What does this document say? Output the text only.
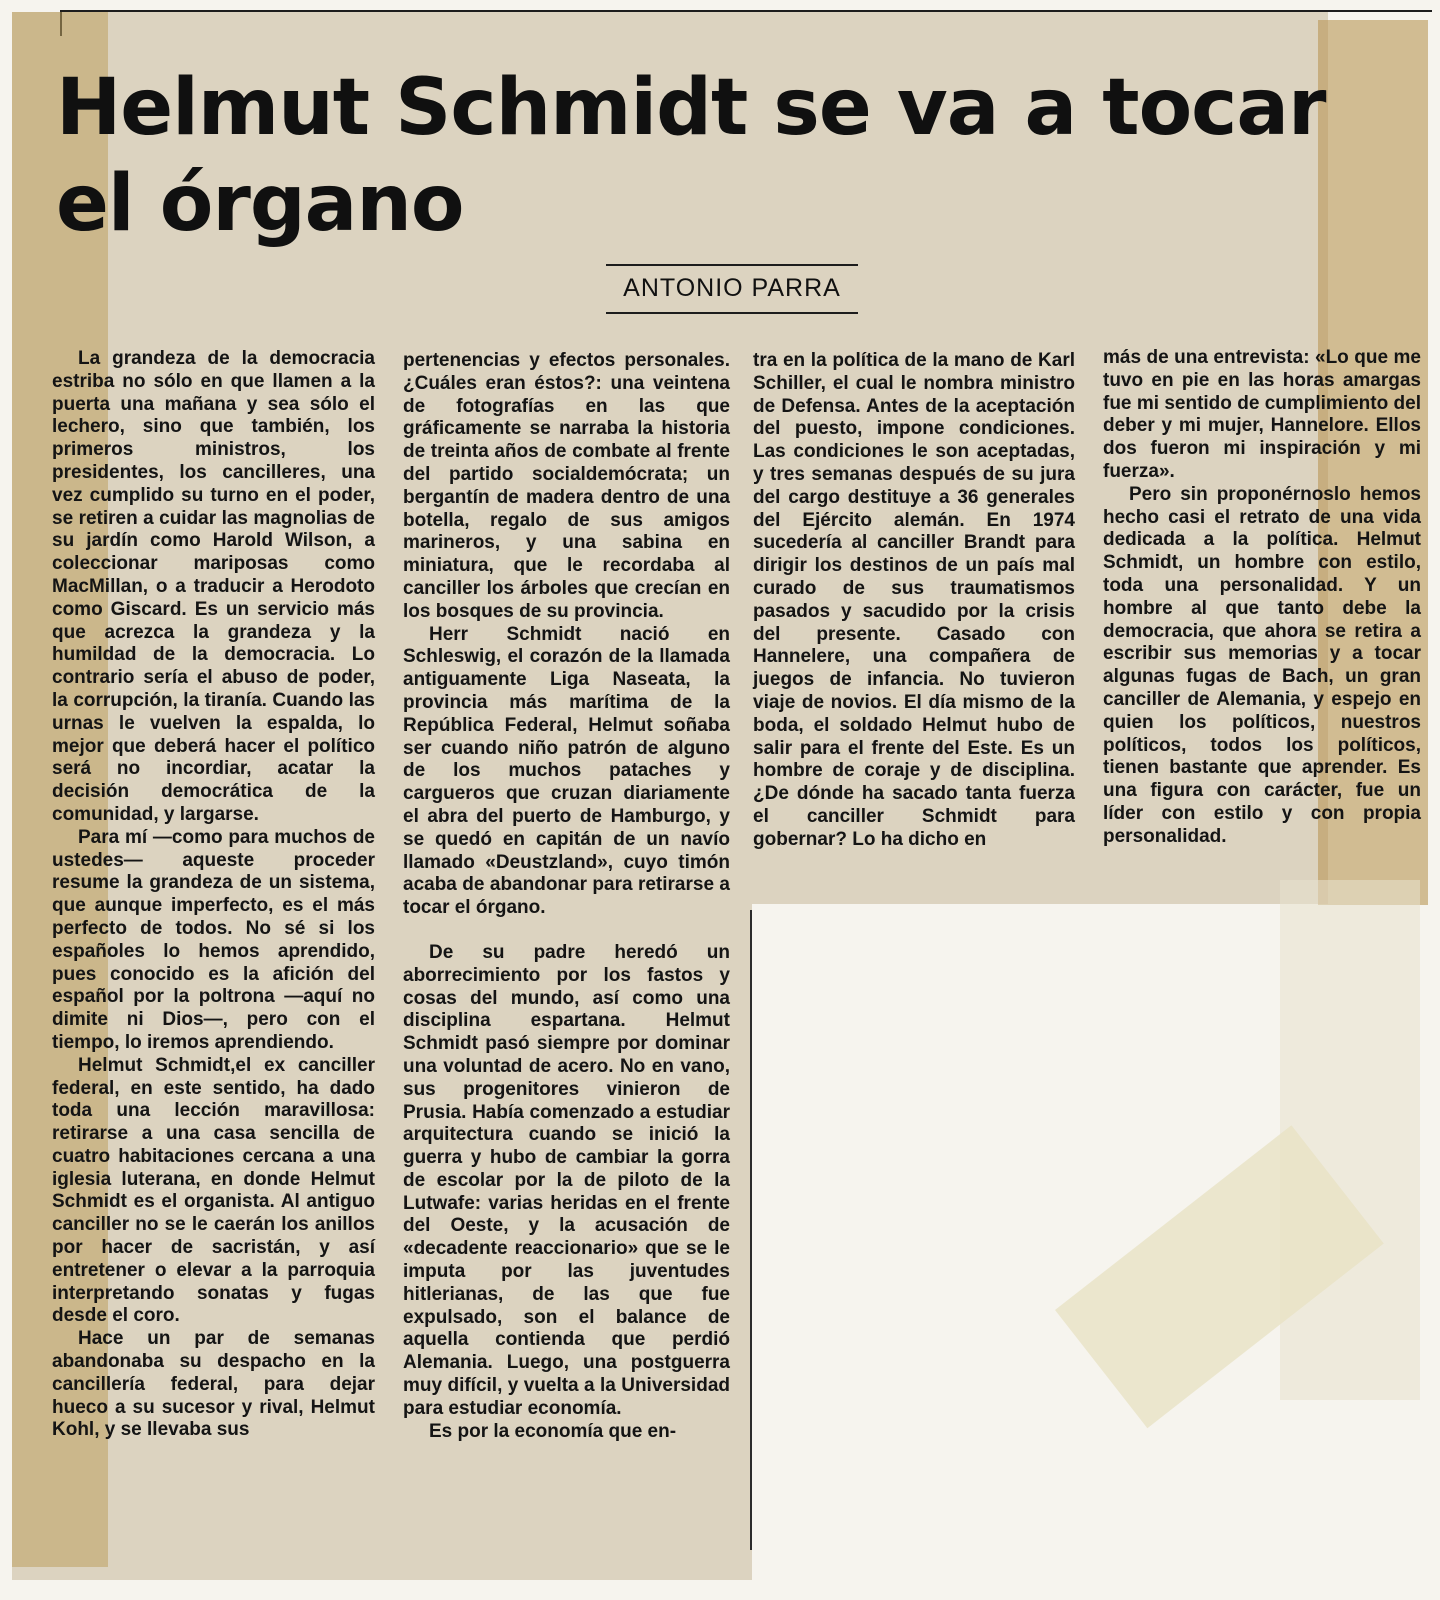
Helmut Schmidt se va a tocar el órgano
ANTONIO PARRA

La grandeza de la democracia estriba no sólo en que llamen a la puerta una mañana y sea sólo el lechero, sino que también, los primeros ministros, los presidentes, los cancilleres, una vez cumplido su turno en el poder, se retiren a cuidar las magnolias de su jardín como Harold Wilson, a coleccionar mariposas como MacMillan, o a traducir a Herodoto como Giscard. Es un servicio más que acrezca la grandeza y la humildad de la democracia. Lo contrario sería el abuso de poder, la corrupción, la tiranía. Cuando las urnas le vuelven la espalda, lo mejor que deberá hacer el político será no incordiar, acatar la decisión democrática de la comunidad, y largarse.

Para mí —como para muchos de ustedes— aqueste proceder resume la grandeza de un sistema, que aunque imperfecto, es el más perfecto de todos. No sé si los españoles lo hemos aprendido, pues conocido es la afición del español por la poltrona —aquí no dimite ni Dios—, pero con el tiempo, lo iremos aprendiendo.

Helmut Schmidt,el ex canciller federal, en este sentido, ha dado toda una lección maravillosa: retirarse a una casa sencilla de cuatro habitaciones cercana a una iglesia luterana, en donde Helmut Schmidt es el organista. Al antiguo canciller no se le caerán los anillos por hacer de sacristán, y así entretener o elevar a la parroquia interpretando sonatas y fugas desde el coro.

Hace un par de semanas abandonaba su despacho en la cancillería federal, para dejar hueco a su sucesor y rival, Helmut Kohl, y se llevaba sus

pertenencias y efectos personales. ¿Cuáles eran éstos?: una veintena de fotografías en las que gráficamente se narraba la historia de treinta años de combate al frente del partido socialdemócrata; un bergantín de madera dentro de una botella, regalo de sus amigos marineros, y una sabina en miniatura, que le recordaba al canciller los árboles que crecían en los bosques de su provincia.

Herr Schmidt nació en Schleswig, el corazón de la llamada antiguamente Liga Naseata, la provincia más marítima de la República Federal, Helmut soñaba ser cuando niño patrón de alguno de los muchos pataches y cargueros que cruzan diariamente el abra del puerto de Hamburgo, y se quedó en capitán de un navío llamado «Deustzland», cuyo timón acaba de abandonar para retirarse a tocar el órgano.

De su padre heredó un aborrecimiento por los fastos y cosas del mundo, así como una disciplina espartana. Helmut Schmidt pasó siempre por dominar una voluntad de acero. No en vano, sus progenitores vinieron de Prusia. Había comenzado a estudiar arquitectura cuando se inició la guerra y hubo de cambiar la gorra de escolar por la de piloto de la Lutwafe: varias heridas en el frente del Oeste, y la acusación de «decadente reaccionario» que se le imputa por las juventudes hitlerianas, de las que fue expulsado, son el balance de aquella contienda que perdió Alemania. Luego, una postguerra muy difícil, y vuelta a la Universidad para estudiar economía.

Es por la economía que en-

tra en la política de la mano de Karl Schiller, el cual le nombra ministro de Defensa. Antes de la aceptación del puesto, impone condiciones. Las condiciones le son aceptadas, y tres semanas después de su jura del cargo destituye a 36 generales del Ejército alemán. En 1974 sucedería al canciller Brandt para dirigir los destinos de un país mal curado de sus traumatismos pasados y sacudido por la crisis del presente. Casado con Hannelere, una compañera de juegos de infancia. No tuvieron viaje de novios. El día mismo de la boda, el soldado Helmut hubo de salir para el frente del Este. Es un hombre de coraje y de disciplina. ¿De dónde ha sacado tanta fuerza el canciller Schmidt para gobernar? Lo ha dicho en

más de una entrevista: «Lo que me tuvo en pie en las horas amargas fue mi sentido de cumplimiento del deber y mi mujer, Hannelore. Ellos dos fueron mi inspiración y mi fuerza».

Pero sin proponérnoslo hemos hecho casi el retrato de una vida dedicada a la política. Helmut Schmidt, un hombre con estilo, toda una personalidad. Y un hombre al que tanto debe la democracia, que ahora se retira a escribir sus memorias y a tocar algunas fugas de Bach, un gran canciller de Alemania, y espejo en quien los políticos, nuestros políticos, todos los políticos, tienen bastante que aprender. Es una figura con carácter, fue un líder con estilo y con propia personalidad.
